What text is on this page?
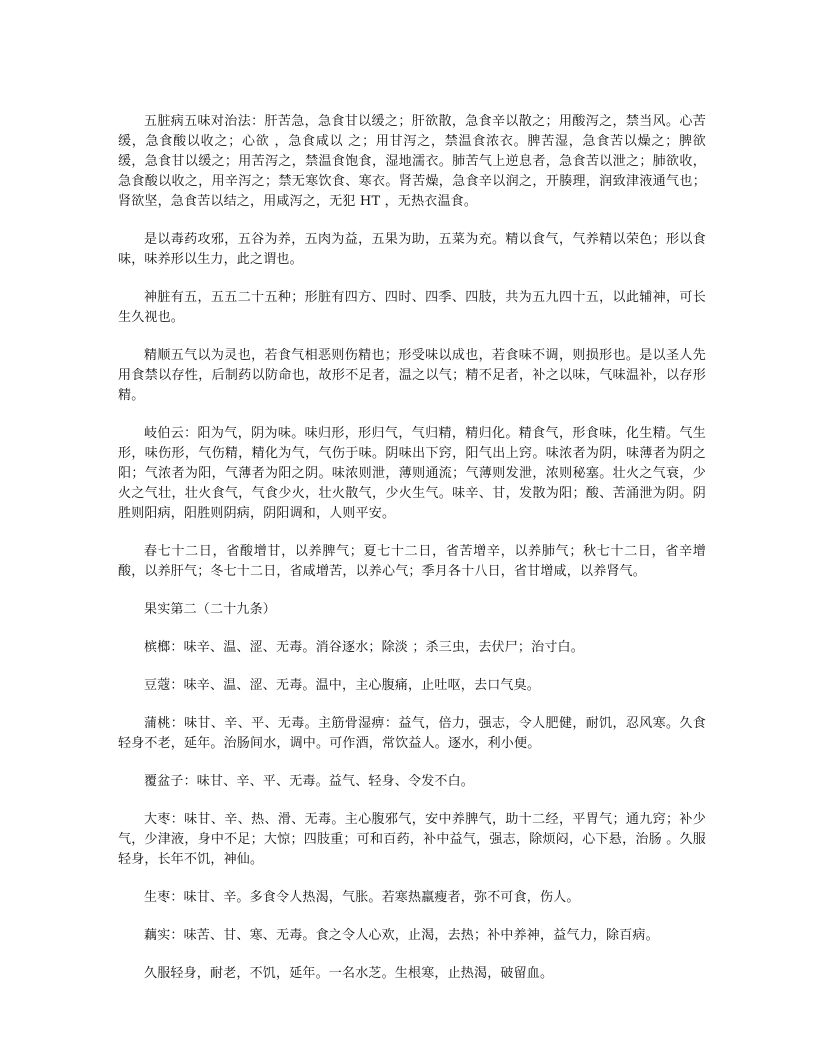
五脏病五味对治法：肝苦急，急食甘以缓之；肝欲散，急食辛以散之；用酸泻之，禁当风。心苦缓，急食酸以收之；心欲 ，急食咸以 之；用甘泻之，禁温食浓衣。脾苦湿，急食苦以燥之；脾欲缓，急食甘以缓之；用苦泻之，禁温食饱食，湿地濡衣。肺苦气上逆息者，急食苦以泄之；肺欲收，急食酸以收之，用辛泻之；禁无寒饮食、寒衣。肾苦燥，急食辛以润之，开腠理，润致津液通气也；肾欲坚，急食苦以结之，用咸泻之，无犯 HT ，无热衣温食。

是以毒药攻邪，五谷为养，五肉为益，五果为助，五菜为充。精以食气，气养精以荣色；形以食味，味养形以生力，此之谓也。

神脏有五，五五二十五种；形脏有四方、四时、四季、四肢，共为五九四十五，以此辅神，可长生久视也。

精顺五气以为灵也，若食气相恶则伤精也；形受味以成也，若食味不调，则损形也。是以圣人先用食禁以存性，后制药以防命也，故形不足者，温之以气；精不足者，补之以味，气味温补，以存形精。

岐伯云：阳为气，阴为味。味归形，形归气，气归精，精归化。精食气，形食味，化生精。气生形，味伤形，气伤精，精化为气，气伤于味。阴味出下窍，阳气出上窍。味浓者为阴，味薄者为阴之阳；气浓者为阳，气薄者为阳之阴。味浓则泄，薄则通流；气薄则发泄，浓则秘塞。壮火之气衰，少火之气壮，壮火食气，气食少火，壮火散气，少火生气。味辛、甘，发散为阳；酸、苦涌泄为阴。阴胜则阳病，阳胜则阴病，阴阳调和，人则平安。

春七十二日，省酸增甘，以养脾气；夏七十二日，省苦增辛，以养肺气；秋七十二日，省辛增酸，以养肝气；冬七十二日，省咸增苦，以养心气；季月各十八日，省甘增咸，以养肾气。

果实第二（二十九条）

槟榔：味辛、温、涩、无毒。消谷逐水；除淡 ；杀三虫，去伏尸；治寸白。

豆蔻：味辛、温、涩、无毒。温中，主心腹痛，止吐呕，去口气臭。

蒲桃：味甘、辛、平、无毒。主筋骨湿痹：益气，倍力，强志，令人肥健，耐饥，忍风寒。久食轻身不老，延年。治肠间水，调中。可作酒，常饮益人。逐水，利小便。

覆盆子：味甘、辛、平、无毒。益气、轻身、令发不白。

大枣：味甘、辛、热、滑、无毒。主心腹邪气，安中养脾气，助十二经，平胃气；通九窍；补少气，少津液，身中不足；大惊；四肢重；可和百药，补中益气，强志，除烦闷，心下悬，治肠 。久服轻身，长年不饥，神仙。

生枣：味甘、辛。多食令人热渴，气胀。若寒热羸瘦者，弥不可食，伤人。

藕实：味苦、甘、寒、无毒。食之令人心欢，止渴，去热；补中养神，益气力，除百病。

久服轻身，耐老，不饥，延年。一名水芝。生根寒，止热渴，破留血。
